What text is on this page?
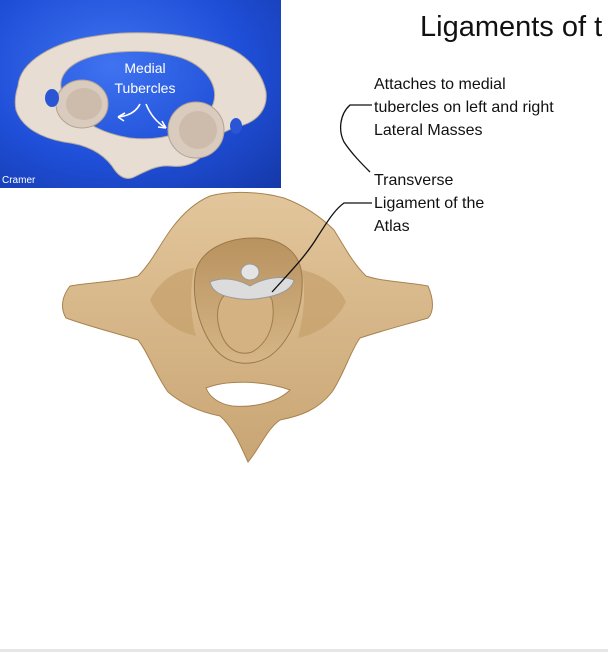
Medial Tubercles
Cramer
Ligaments of t
Attaches to medial tubercles on left and right Lateral Masses
Transverse Ligament of the Atlas
